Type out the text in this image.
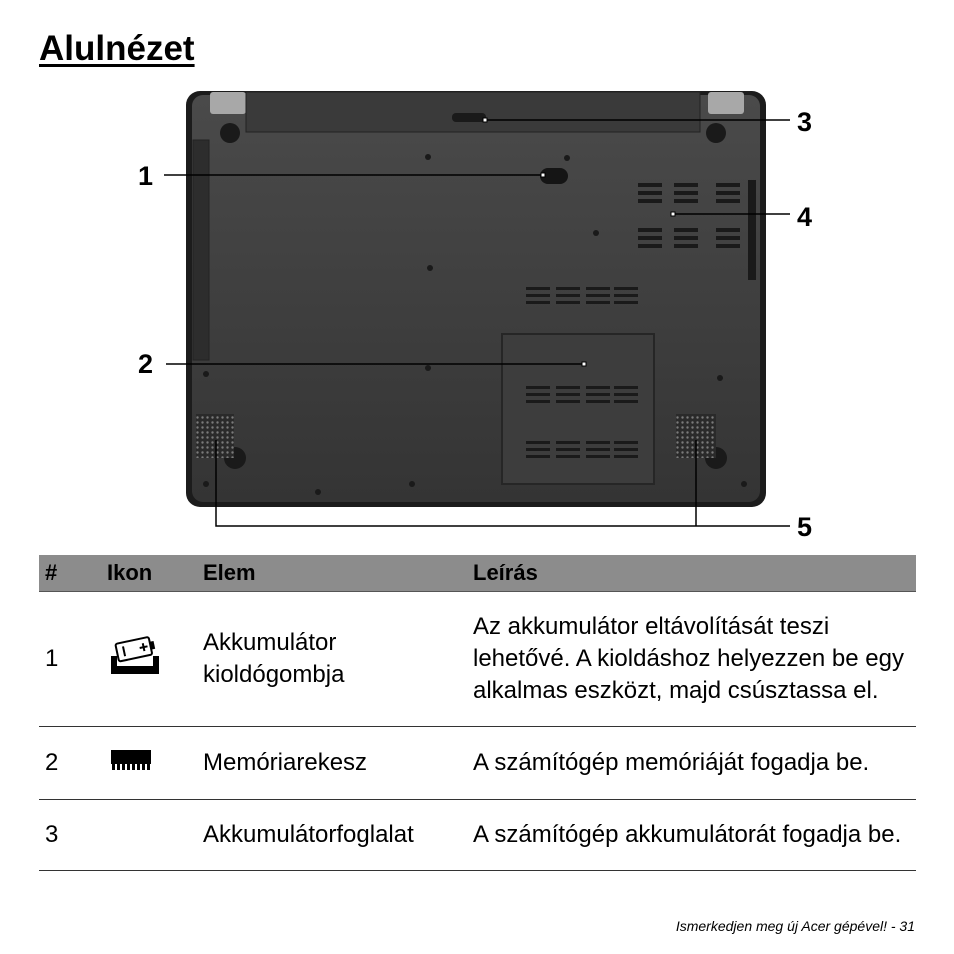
Alulnézet
1
2
3
4
5
#	Ikon	Elem	Leírás
1		Akkumulátor kioldógombja	Az akkumulátor eltávolítását teszi lehetővé. A kioldáshoz helyezzen be egy alkalmas eszközt, majd csúsztassa el.
2		Memóriarekesz	A számítógép memóriáját fogadja be.
3		Akkumulátorfoglalat	A számítógép akkumulátorát fogadja be.
Ismerkedjen meg új Acer gépével! - 31
